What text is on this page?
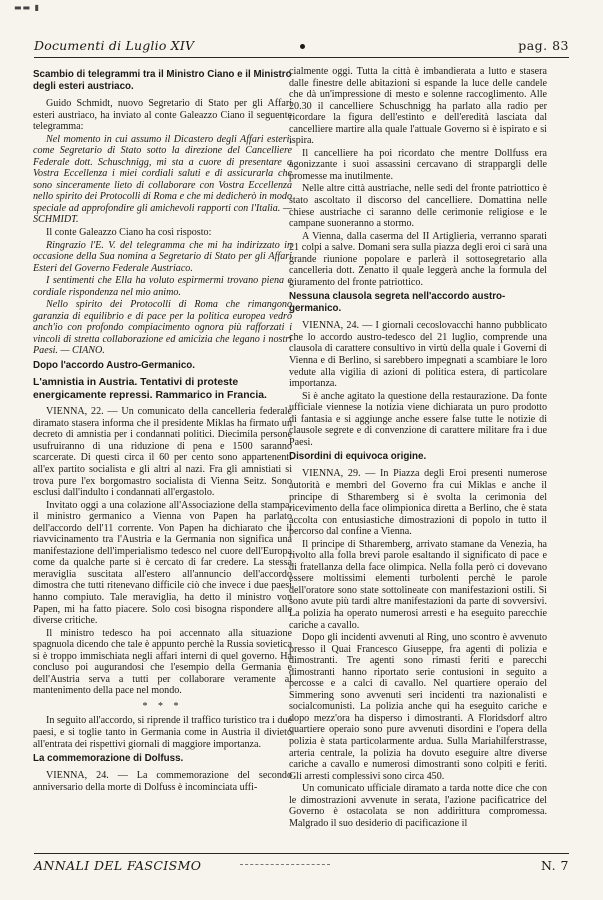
▬▬ ▮
Documenti di Luglio XIV	pag. 83
Scambio di telegrammi tra il Ministro Ciano e il Ministro degli esteri austriaco.

Guido Schmidt, nuovo Segretario di Stato per gli Affari esteri austriaco, ha inviato al conte Galeazzo Ciano il seguente telegramma:

Nel momento in cui assumo il Dicastero degli Affari esteri, come Segretario di Stato sotto la direzione del Cancelliere Federale dott. Schuschnigg, mi sta a cuore di presentare a Vostra Eccellenza i miei cordiali saluti e di assicurarla che sono sinceramente lieto di collaborare con Vostra Eccellenza nello spirito dei Protocolli di Roma e che mi dedicherò in modo speciale ad approfondire gli amichevoli rapporti con l'Italia. — SCHMIDT.

Il conte Galeazzo Ciano ha così risposto:

Ringrazio l'E. V. del telegramma che mi ha indirizzato in occasione della Sua nomina a Segretario di Stato per gli Affari Esteri del Governo Federale Austriaco.

I sentimenti che Ella ha voluto espirmermi trovano piena e cordiale rispondenza nel mio animo.

Nello spirito dei Protocolli di Roma che rimangono garanzia di equilibrio e di pace per la politica europea vedrò anch'io con profondo compiacimento ognora più rafforzati i vincoli di stretta collaborazione ed amicizia che legano i nostri Paesi. — CIANO.

Dopo l'accordo Austro-Germanico.
L'amnistia in Austria. Tentativi di proteste energicamente repressi. Rammarico in Francia.

VIENNA, 22. — Un comunicato della cancelleria federale diramato stasera informa che il presidente Miklas ha firmato un decreto di amnistia per i condannati politici. Diecimila persone usufruiranno di una riduzione di pena e 1500 saranno scarcerate. Di questi circa il 60 per cento sono appartenenti all'ex partito socialista e gli altri al nazi. Fra gli amnistiati si trova pure l'ex borgomastro socialista di Vienna Seitz. Sono esclusi dall'indulto i condannati all'ergastolo.

Invitato oggi a una colazione all'Associazione della stampa, il ministro germanico a Vienna von Papen ha parlato dell'accordo dell'11 corrente. Von Papen ha dichiarato che il riavvicinamento tra l'Austria e la Germania non significa una manifestazione dell'imperialismo tedesco nel cuore dell'Europa come da qualche parte si è cercato di far credere. La stessa meraviglia suscitata all'estero all'annuncio dell'accordo dimostra che tutti ritenevano difficile ciò che invece i due paesi hanno compiuto. Tale meraviglia, ha detto il ministro von Papen, mi ha fatto piacere. Solo così bisogna rispondere alle diverse critiche.

Il ministro tedesco ha poi accennato alla situazione spagnuola dicendo che tale è appunto perchè la Russia sovietica si è troppo immischiata negli affari interni di quel governo. Ha concluso poi augurandosi che l'esempio della Germania e dell'Austria serva a tutti per collaborare veramente al mantenimento della pace nel mondo.

* * *

In seguito all'accordo, si riprende il traffico turistico tra i due paesi, e si toglie tanto in Germania come in Austria il divieto all'entrata dei rispettivi giornali di maggiore importanza.

La commemorazione di Dolfuss.

VIENNA, 24. — La commemorazione del secondo anniversario della morte di Dolfuss è incominciata uffi-

cialmente oggi. Tutta la città è imbandierata a lutto e stasera dalle finestre delle abitazioni si espande la luce delle candele che dà un'impressione di mesto e solenne raccoglimento. Alle 20.30 il cancelliere Schuschnigg ha parlato alla radio per ricordare la figura dell'estinto e dell'eredità lasciata dal cancelliere martire alla quale l'attuale Governo si è ispirato e si ispira.

Il cancelliere ha poi ricordato che mentre Dollfuss era agonizzante i suoi assassini cercavano di strappargli delle promesse ma inutilmente.

Nelle altre città austriache, nelle sedi del fronte patriottico è stato ascoltato il discorso del cancelliere. Domattina nelle chiese austriache ci saranno delle cerimonie religiose e le campane suoneranno a stormo.

A Vienna, dalla caserma del II Artiglieria, verranno sparati 21 colpi a salve. Domani sera sulla piazza degli eroi ci sarà una grande riunione popolare e parlerà il sottosegretario alla cancelleria dott. Zenatto il quale leggerà anche la formula del giuramento del fronte patriottico.

Nessuna clausola segreta nell'accordo austro-germanico.

VIENNA, 24. — I giornali cecoslovacchi hanno pubblicato che lo accordo austro-tedesco del 21 luglio, comprende una clausola di carattere consultivo in virtù della quale i Governi di Vienna e di Berlino, si sarebbero impegnati a scambiare le loro vedute alla vigilia di azioni di politica estera, di particolare importanza.

Si è anche agitato la questione della restaurazione. Da fonte ufficiale viennese la notizia viene dichiarata un puro prodotto di fantasia e si aggiunge anche essere false tutte le notizie di clausole segrete e di convenzione di carattere militare fra i due Paesi.

Disordini di equivoca origine.

VIENNA, 29. — In Piazza degli Eroi presenti numerose autorità e membri del Governo fra cui Miklas e anche il principe di Stharemberg si è svolta la cerimonia del ricevimento della face olimpionica diretta a Berlino, che è stata accolta con entusiastiche dimostrazioni di popolo in tutto il percorso dal confine a Vienna.

Il principe di Stharemberg, arrivato stamane da Venezia, ha rivolto alla folla brevi parole esaltando il significato di pace e di fratellanza della face olimpica. Nella folla però ci dovevano essere moltissimi elementi turbolenti perchè le parole dell'oratore sono state sottolineate con manifestazioni ostili. Si sono avute più tardi altre manifestazioni da parte di sovversivi. La polizia ha operato numerosi arresti e ha eseguito parecchie cariche a cavallo.

Dopo gli incidenti avvenuti al Ring, uno scontro è avvenuto presso il Quai Francesco Giuseppe, fra agenti di polizia e dimostranti. Tre agenti sono rimasti feriti e parecchi dimostranti hanno riportato serie contusioni in seguito a percosse e a calci di cavallo. Nel quartiere operaio del Simmering sono avvenuti seri incidenti tra nazionalisti e socialcomunisti. La polizia anche qui ha eseguito cariche e dopo mezz'ora ha disperso i dimostranti. A Floridsdorf altro quartiere operaio sono pure avvenuti disordini e l'opera della polizia è stata particolarmente ardua. Sulla Mariahilferstrasse, arteria centrale, la polizia ha dovuto eseguire altre diverse cariche a cavallo e numerosi dimostranti sono colpiti e feriti. Gli arresti complessivi sono circa 450.

Un comunicato ufficiale diramato a tarda notte dice che con le dimostrazioni avvenute in serata, l'azione pacificatrice del Governo è ostacolata se non addirittura compromessa. Malgrado il suo desiderio di pacificazione il

ANNALI DEL FASCISMO	N. 7
